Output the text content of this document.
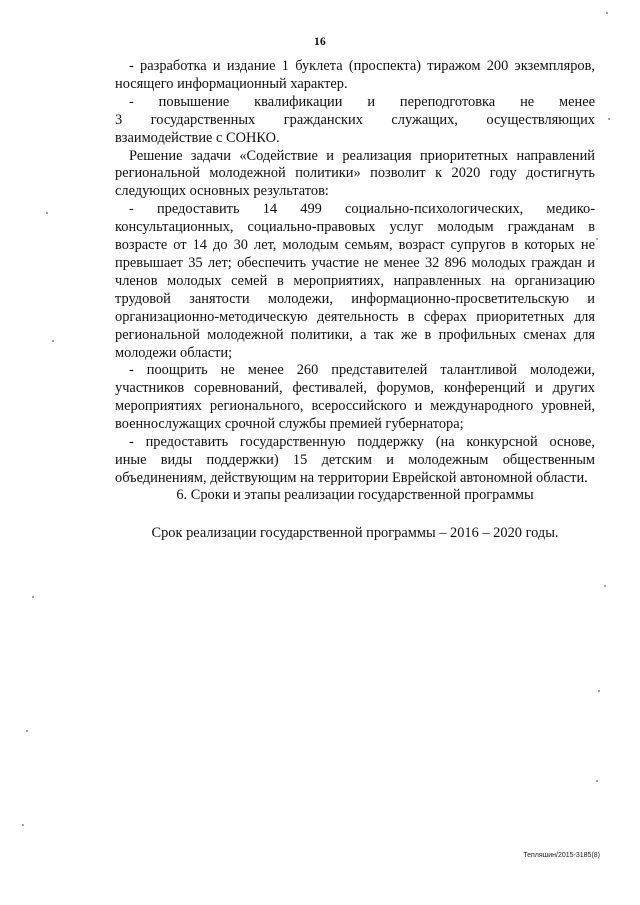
16

- разработка и издание 1 буклета (проспекта) тиражом 200 экземпляров,
носящего информационный характер.

- повышение квалификации и переподготовка не менее
3 государственных гражданских служащих, осуществляющих
взаимодействие с СОНКО.

Решение задачи «Содействие и реализация приоритетных направлений
региональной молодежной политики» позволит к 2020 году достигнуть
следующих основных результатов:

- предоставить 14 499 социально-психологических, медико-
консультационных, социально-правовых услуг молодым гражданам в
возрасте от 14 до 30 лет, молодым семьям, возраст супругов в которых не
превышает 35 лет; обеспечить участие не менее 32 896 молодых граждан и
членов молодых семей в мероприятиях, направленных на организацию
трудовой занятости молодежи, информационно-просветительскую и
организационно-методическую деятельность в сферах приоритетных для
региональной молодежной политики, а так же в профильных сменах для
молодежи области;

- поощрить не менее 260 представителей талантливой молодежи,
участников соревнований, фестивалей, форумов, конференций и других
мероприятиях регионального, всероссийского и международного уровней,
военнослужащих срочной службы премией губернатора;

- предоставить государственную поддержку (на конкурсной основе,
иные виды поддержки) 15 детским и молодежным общественным
объединениям, действующим на территории Еврейской автономной области.

6. Сроки и этапы реализации государственной программы
Срок реализации государственной программы – 2016 – 2020 годы.
Тепляшин/2015-3185(8)
